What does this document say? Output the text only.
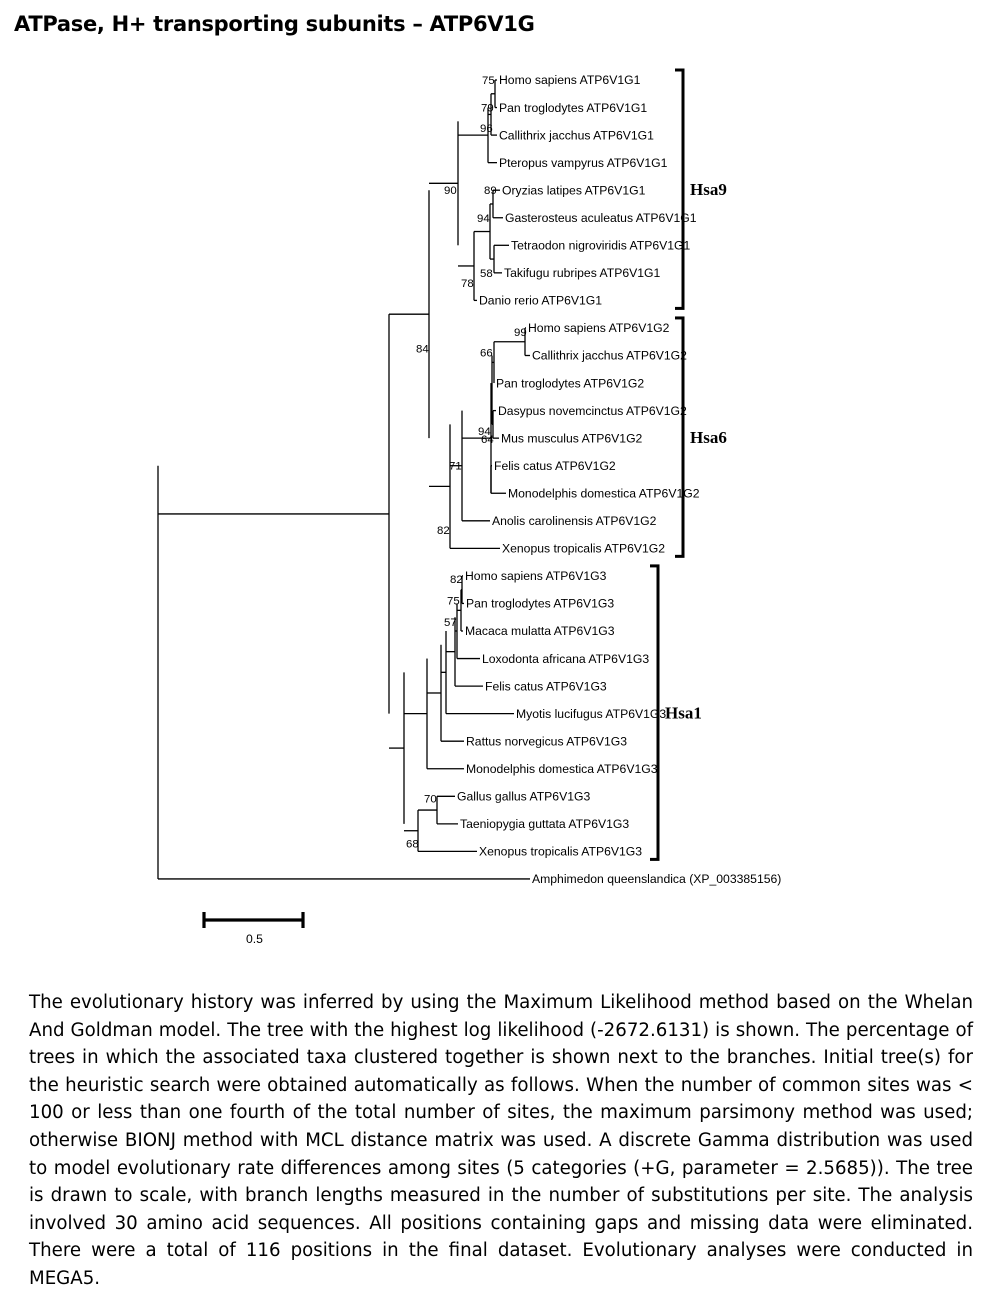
ATPase, H+ transporting subunits – ATP6V1G
Homo sapiens ATP6V1G1
Pan troglodytes ATP6V1G1
Callithrix jacchus ATP6V1G1
Pteropus vampyrus ATP6V1G1
Oryzias latipes ATP6V1G1
Gasterosteus aculeatus ATP6V1G1
Tetraodon nigroviridis ATP6V1G1
Takifugu rubripes ATP6V1G1
Danio rerio ATP6V1G1
Homo sapiens ATP6V1G2
Callithrix jacchus ATP6V1G2
Pan troglodytes ATP6V1G2
Dasypus novemcinctus ATP6V1G2
Mus musculus ATP6V1G2
Felis catus ATP6V1G2
Monodelphis domestica ATP6V1G2
Anolis carolinensis ATP6V1G2
Xenopus tropicalis ATP6V1G2
Homo sapiens ATP6V1G3
Pan troglodytes ATP6V1G3
Macaca mulatta ATP6V1G3
Loxodonta africana ATP6V1G3
Felis catus ATP6V1G3
Myotis lucifugus ATP6V1G3
Rattus norvegicus ATP6V1G3
Monodelphis domestica ATP6V1G3
Gallus gallus ATP6V1G3
Taeniopygia guttata ATP6V1G3
Xenopus tropicalis ATP6V1G3
Amphimedon queenslandica (XP_003385156)
75
79
96
90 89
94
58
78
84
99
66
94
64
71
82
82
75
57
70
68
Hsa9
Hsa6
Hsa1
0.5

The evolutionary history was inferred by using the Maximum Likelihood method based on the Whelan And Goldman model. The tree with the highest log likelihood (-2672.6131) is shown. The percentage of trees in which the associated taxa clustered together is shown next to the branches. Initial tree(s) for the heuristic search were obtained automatically as follows. When the number of common sites was < 100 or less than one fourth of the total number of sites, the maximum parsimony method was used; otherwise BIONJ method with MCL distance matrix was used. A discrete Gamma distribution was used to model evolutionary rate differences among sites (5 categories (+G, parameter = 2.5685)). The tree is drawn to scale, with branch lengths measured in the number of substitutions per site. The analysis involved 30 amino acid sequences. All positions containing gaps and missing data were eliminated. There were a total of 116 positions in the final dataset. Evolutionary analyses were conducted in MEGA5.
